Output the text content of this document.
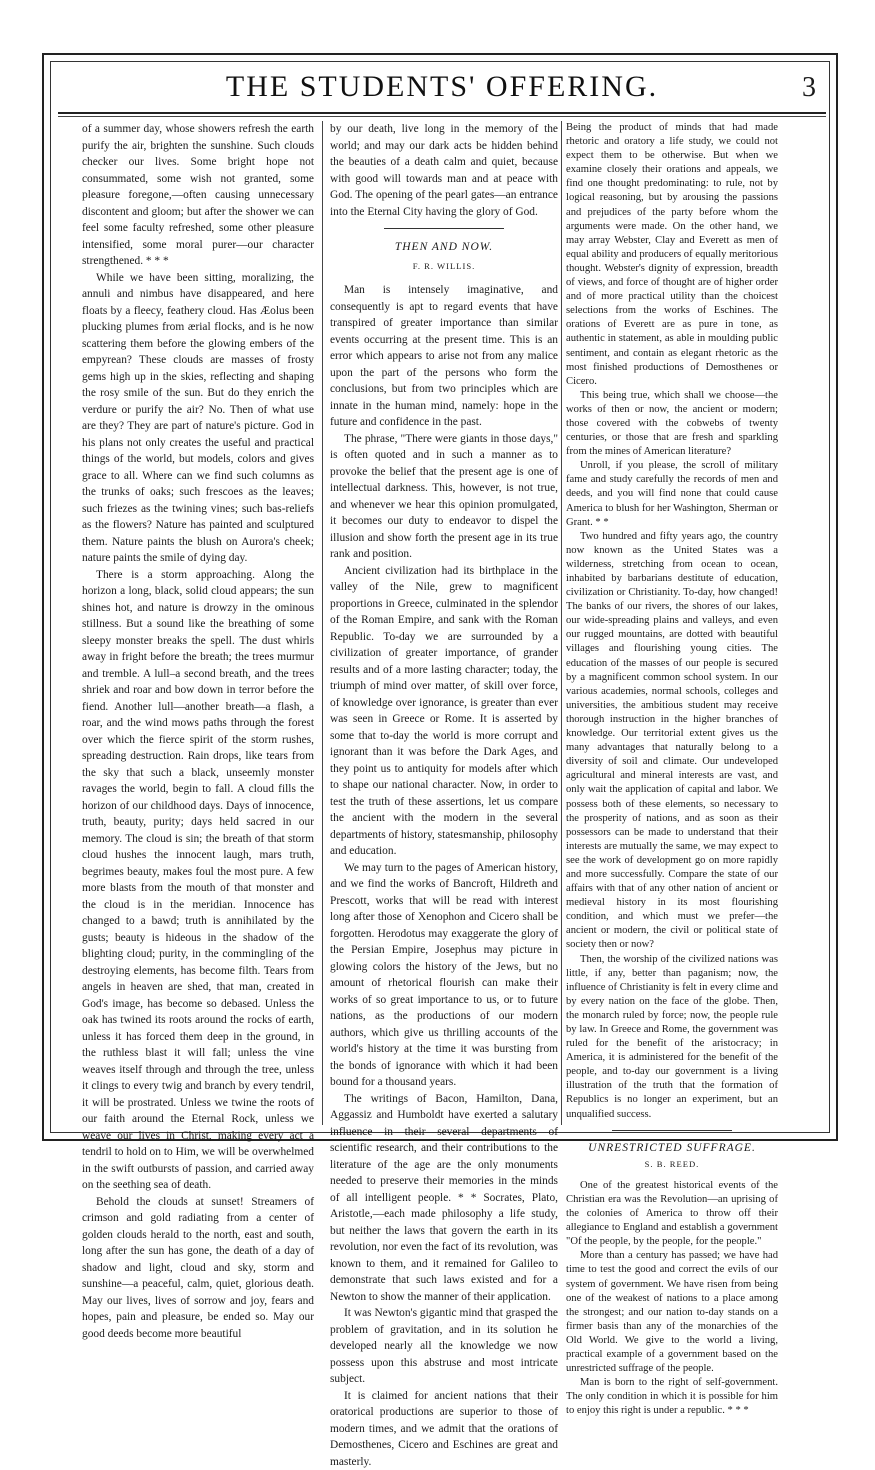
THE STUDENTS' OFFERING.	3

of a summer day, whose showers refresh the earth purify the air, brighten the sunshine. Such clouds checker our lives. Some bright hope not consummated, some wish not granted, some pleasure foregone,—often causing unnecessary discontent and gloom; but after the shower we can feel some faculty refreshed, some other pleasure intensified, some moral purer—our character strengthened. * * *

While we have been sitting, moralizing, the annuli and nimbus have disappeared, and here floats by a fleecy, feathery cloud. Has Æolus been plucking plumes from ærial flocks, and is he now scattering them before the glowing embers of the empyrean? These clouds are masses of frosty gems high up in the skies, reflecting and shaping the rosy smile of the sun. But do they enrich the verdure or purify the air? No. Then of what use are they? They are part of nature's picture. God in his plans not only creates the useful and practical things of the world, but models, colors and gives grace to all. Where can we find such columns as the trunks of oaks; such frescoes as the leaves; such friezes as the twining vines; such bas-reliefs as the flowers? Nature has painted and sculptured them. Nature paints the blush on Aurora's cheek; nature paints the smile of dying day.

There is a storm approaching. Along the horizon a long, black, solid cloud appears; the sun shines hot, and nature is drowzy in the ominous stillness. But a sound like the breathing of some sleepy monster breaks the spell. The dust whirls away in fright before the breath; the trees murmur and tremble. A lull–a second breath, and the trees shriek and roar and bow down in terror before the fiend. Another lull—another breath—a flash, a roar, and the wind mows paths through the forest over which the fierce spirit of the storm rushes, spreading destruction. Rain drops, like tears from the sky that such a black, unseemly monster ravages the world, begin to fall. A cloud fills the horizon of our childhood days. Days of innocence, truth, beauty, purity; days held sacred in our memory. The cloud is sin; the breath of that storm cloud hushes the innocent laugh, mars truth, begrimes beauty, makes foul the most pure. A few more blasts from the mouth of that monster and the cloud is in the meridian. Innocence has changed to a bawd; truth is annihilated by the gusts; beauty is hideous in the shadow of the blighting cloud; purity, in the commingling of the destroying elements, has become filth. Tears from angels in heaven are shed, that man, created in God's image, has become so debased. Unless the oak has twined its roots around the rocks of earth, unless it has forced them deep in the ground, in the ruthless blast it will fall; unless the vine weaves itself through and through the tree, unless it clings to every twig and branch by every tendril, it will be prostrated. Unless we twine the roots of our faith around the Eternal Rock, unless we weave our lives in Christ, making every act a tendril to hold on to Him, we will be overwhelmed in the swift outbursts of passion, and carried away on the seething sea of death.

Behold the clouds at sunset! Streamers of crimson and gold radiating from a center of golden clouds herald to the north, east and south, long after the sun has gone, the death of a day of shadow and light, cloud and sky, storm and sunshine—a peaceful, calm, quiet, glorious death. May our lives, lives of sorrow and joy, fears and hopes, pain and pleasure, be ended so. May our good deeds become more beautiful

by our death, live long in the memory of the world; and may our dark acts be hidden behind the beauties of a death calm and quiet, because with good will towards man and at peace with God. The opening of the pearl gates—an entrance into the Eternal City having the glory of God.

THEN AND NOW.
F. R. WILLIS.

Man is intensely imaginative, and consequently is apt to regard events that have transpired of greater importance than similar events occurring at the present time. This is an error which appears to arise not from any malice upon the part of the persons who form the conclusions, but from two principles which are innate in the human mind, namely: hope in the future and confidence in the past.

The phrase, "There were giants in those days," is often quoted and in such a manner as to provoke the belief that the present age is one of intellectual darkness. This, however, is not true, and whenever we hear this opinion promulgated, it becomes our duty to endeavor to dispel the illusion and show forth the present age in its true rank and position.

Ancient civilization had its birthplace in the valley of the Nile, grew to magnificent proportions in Greece, culminated in the splendor of the Roman Empire, and sank with the Roman Republic. To-day we are surrounded by a civilization of greater importance, of grander results and of a more lasting character; today, the triumph of mind over matter, of skill over force, of knowledge over ignorance, is greater than ever was seen in Greece or Rome. It is asserted by some that to-day the world is more corrupt and ignorant than it was before the Dark Ages, and they point us to antiquity for models after which to shape our national character. Now, in order to test the truth of these assertions, let us compare the ancient with the modern in the several departments of history, statesmanship, philosophy and education.

We may turn to the pages of American history, and we find the works of Bancroft, Hildreth and Prescott, works that will be read with interest long after those of Xenophon and Cicero shall be forgotten. Herodotus may exaggerate the glory of the Persian Empire, Josephus may picture in glowing colors the history of the Jews, but no amount of rhetorical flourish can make their works of so great importance to us, or to future nations, as the productions of our modern authors, which give us thrilling accounts of the world's history at the time it was bursting from the bonds of ignorance with which it had been bound for a thousand years.

The writings of Bacon, Hamilton, Dana, Aggassiz and Humboldt have exerted a salutary influence in their several departments of scientific research, and their contributions to the literature of the age are the only monuments needed to preserve their memories in the minds of all intelligent people. * * Socrates, Plato, Aristotle,—each made philosophy a life study, but neither the laws that govern the earth in its revolution, nor even the fact of its revolution, was known to them, and it remained for Galileo to demonstrate that such laws existed and for a Newton to show the manner of their application.

It was Newton's gigantic mind that grasped the problem of gravitation, and in its solution he developed nearly all the knowledge we now possess upon this abstruse and most intricate subject.

It is claimed for ancient nations that their oratorical productions are superior to those of modern times, and we admit that the orations of Demosthenes, Cicero and Eschines are great and masterly.

Being the product of minds that had made rhetoric and oratory a life study, we could not expect them to be otherwise. But when we examine closely their orations and appeals, we find one thought predominating: to rule, not by logical reasoning, but by arousing the passions and prejudices of the party before whom the arguments were made. On the other hand, we may array Webster, Clay and Everett as men of equal ability and producers of equally meritorious thought. Webster's dignity of expression, breadth of views, and force of thought are of higher order and of more practical utility than the choicest selections from the works of Eschines. The orations of Everett are as pure in tone, as authentic in statement, as able in moulding public sentiment, and contain as elegant rhetoric as the most finished productions of Demosthenes or Cicero.

This being true, which shall we choose—the works of then or now, the ancient or modern; those covered with the cobwebs of twenty centuries, or those that are fresh and sparkling from the mines of American literature?

Unroll, if you please, the scroll of military fame and study carefully the records of men and deeds, and you will find none that could cause America to blush for her Washington, Sherman or Grant. * *

Two hundred and fifty years ago, the country now known as the United States was a wilderness, stretching from ocean to ocean, inhabited by barbarians destitute of education, civilization or Christianity. To-day, how changed! The banks of our rivers, the shores of our lakes, our wide-spreading plains and valleys, and even our rugged mountains, are dotted with beautiful villages and flourishing young cities. The education of the masses of our people is secured by a magnificent common school system. In our various academies, normal schools, colleges and universities, the ambitious student may receive thorough instruction in the higher branches of knowledge. Our territorial extent gives us the many advantages that naturally belong to a diversity of soil and climate. Our undeveloped agricultural and mineral interests are vast, and only wait the application of capital and labor. We possess both of these elements, so necessary to the prosperity of nations, and as soon as their possessors can be made to understand that their interests are mutually the same, we may expect to see the work of development go on more rapidly and more successfully. Compare the state of our affairs with that of any other nation of ancient or medieval history in its most flourishing condition, and which must we prefer—the ancient or modern, the civil or political state of society then or now?

Then, the worship of the civilized nations was little, if any, better than paganism; now, the influence of Christianity is felt in every clime and by every nation on the face of the globe. Then, the monarch ruled by force; now, the people rule by law. In Greece and Rome, the government was ruled for the benefit of the aristocracy; in America, it is administered for the benefit of the people, and to-day our government is a living illustration of the truth that the formation of Republics is no longer an experiment, but an unqualified success.

UNRESTRICTED SUFFRAGE.
S. B. REED.

One of the greatest historical events of the Christian era was the Revolution—an uprising of the colonies of America to throw off their allegiance to England and establish a government "Of the people, by the people, for the people."

More than a century has passed; we have had time to test the good and correct the evils of our system of government. We have risen from being one of the weakest of nations to a place among the strongest; and our nation to-day stands on a firmer basis than any of the monarchies of the Old World. We give to the world a living, practical example of a government based on the unrestricted suffrage of the people.

Man is born to the right of self-government. The only condition in which it is possible for him to enjoy this right is under a republic. * * *
